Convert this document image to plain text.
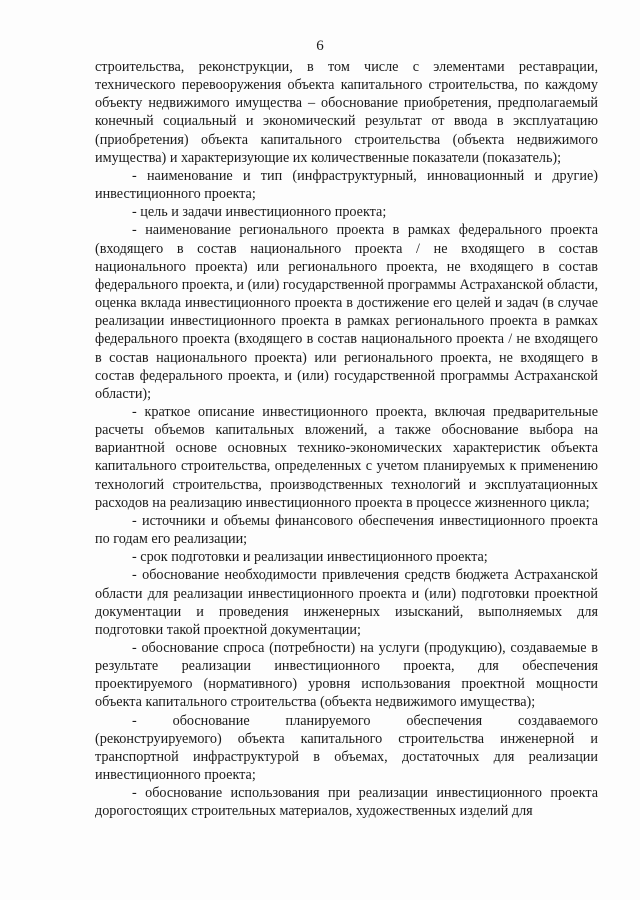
6

строительства, реконструкции, в том числе с элементами реставрации, технического перевооружения объекта капитального строительства, по каждому объекту недвижимого имущества – обоснование приобретения, предполагаемый конечный социальный и экономический результат от ввода в эксплуатацию (приобретения) объекта капитального строительства (объекта недвижимого имущества) и характеризующие их количественные показатели (показатель);

- наименование и тип (инфраструктурный, инновационный и другие) инвестиционного проекта;

- цель и задачи инвестиционного проекта;

- наименование регионального проекта в рамках федерального проекта (входящего в состав национального проекта / не входящего в состав национального проекта) или регионального проекта, не входящего в состав федерального проекта, и (или) государственной программы Астраханской области, оценка вклада инвестиционного проекта в достижение его целей и задач (в случае реализации инвестиционного проекта в рамках регионального проекта в рамках федерального проекта (входящего в состав национального проекта / не входящего в состав национального проекта) или регионального проекта, не входящего в состав федерального проекта, и (или) государственной программы Астраханской области);

- краткое описание инвестиционного проекта, включая предварительные расчеты объемов капитальных вложений, а также обоснование выбора на вариантной основе основных технико-экономических характеристик объекта капитального строительства, определенных с учетом планируемых к применению технологий строительства, производственных технологий и эксплуатационных расходов на реализацию инвестиционного проекта в процессе жизненного цикла;

- источники и объемы финансового обеспечения инвестиционного проекта по годам его реализации;

- срок подготовки и реализации инвестиционного проекта;

- обоснование необходимости привлечения средств бюджета Астраханской области для реализации инвестиционного проекта и (или) подготовки проектной документации и проведения инженерных изысканий, выполняемых для подготовки такой проектной документации;

- обоснование спроса (потребности) на услуги (продукцию), создаваемые в результате реализации инвестиционного проекта, для обеспечения проектируемого (нормативного) уровня использования проектной мощности объекта капитального строительства (объекта недвижимого имущества);

- обоснование планируемого обеспечения создаваемого (реконструируемого) объекта капитального строительства инженерной и транспортной инфраструктурой в объемах, достаточных для реализации инвестиционного проекта;

- обоснование использования при реализации инвестиционного проекта дорогостоящих строительных материалов, художественных изделий для
